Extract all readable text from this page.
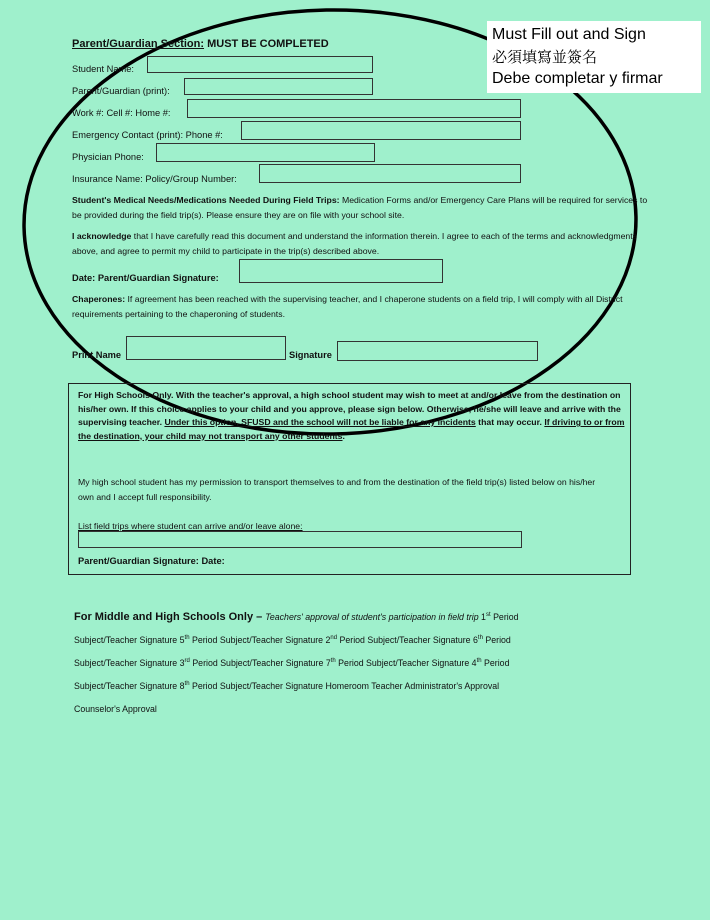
Must Fill out and Sign
必須填寫並簽名
Debe completar y firmar
Parent/Guardian Section: MUST BE COMPLETED
Student Name:
Parent/Guardian (print):
Work #: Cell #: Home #:
Emergency Contact (print): Phone #:
Physician Phone:
Insurance Name: Policy/Group Number:
Student's Medical Needs/Medications Needed During Field Trips: Medication Forms and/or Emergency Care Plans will be required for services to be provided during the field trip(s). Please ensure they are on file with your school site.
I acknowledge that I have carefully read this document and understand the information therein. I agree to each of the terms and acknowledgments above, and agree to permit my child to participate in the trip(s) described above.
Date: Parent/Guardian Signature:
Chaperones: If agreement has been reached with the supervising teacher, and I chaperone students on a field trip, I will comply with all District requirements pertaining to the chaperoning of students.
Print Name	Signature
For High Schools Only. With the teacher's approval, a high school student may wish to meet at and/or leave from the destination on his/her own. If this choice applies to your child and you approve, please sign below. Otherwise, he/she will leave and arrive with the supervising teacher. Under this option, SFUSD and the school will not be liable for any incidents that may occur. If driving to or from the destination, your child may not transport any other students.
My high school student has my permission to transport themselves to and from the destination of the field trip(s) listed below on his/her own and I accept full responsibility.
List field trips where student can arrive and/or leave alone:
Parent/Guardian Signature: Date:
For Middle and High Schools Only – Teachers' approval of student's participation in field trip 1st Period
Subject/Teacher Signature 5th Period Subject/Teacher Signature 2nd Period Subject/Teacher Signature 6th Period
Subject/Teacher Signature 3rd Period Subject/Teacher Signature 7th Period Subject/Teacher Signature 4th Period
Subject/Teacher Signature 8th Period Subject/Teacher Signature Homeroom Teacher Administrator's Approval
Counselor's Approval
